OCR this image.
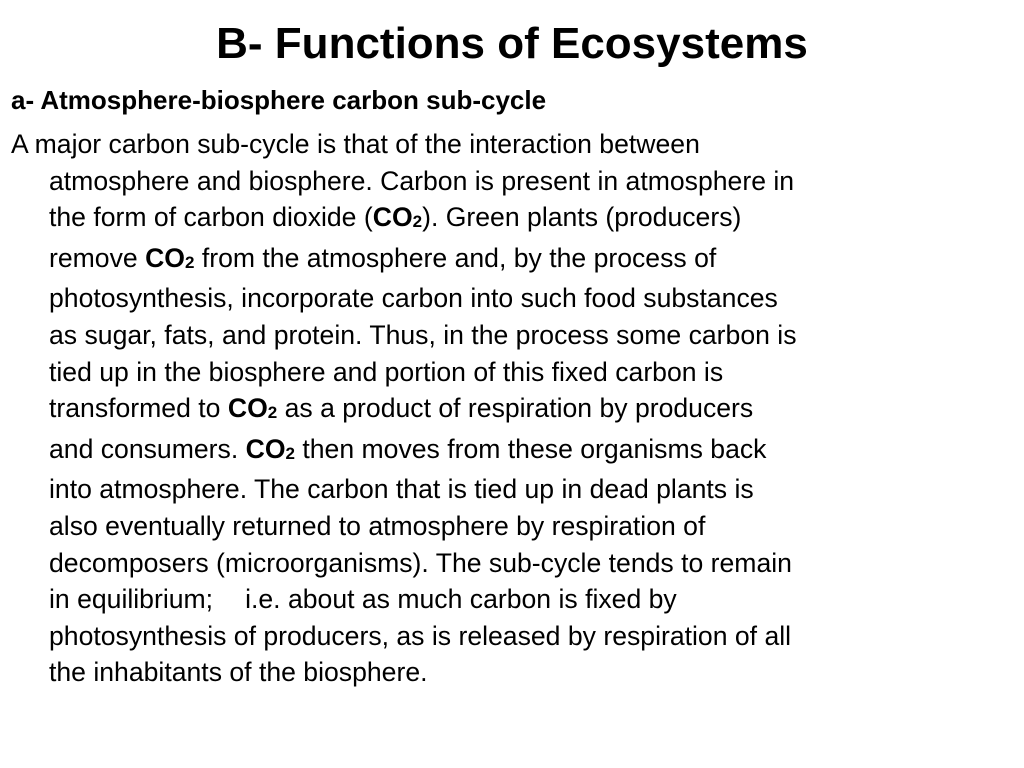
B- Functions of Ecosystems
a- Atmosphere-biosphere carbon sub-cycle

A major carbon sub-cycle is that of the interaction between
atmosphere and biosphere. Carbon is present in atmosphere in
the form of carbon dioxide $(CO_2)$. Green plants (producers)
remove $CO_2$ from the atmosphere and, by the process of
photosynthesis, incorporate carbon into such food substances
as sugar, fats, and protein. Thus, in the process some carbon is
tied up in the biosphere and portion of this fixed carbon is
transformed to $CO_2$ as a product of respiration by producers
and consumers. $CO_2$ then moves from these organisms back
into atmosphere. The carbon that is tied up in dead plants is
also eventually returned to atmosphere by respiration of
decomposers (microorganisms). The sub-cycle tends to remain
in equilibrium; i.e. about as much carbon is fixed by
photosynthesis of producers, as is released by respiration of all
the inhabitants of the biosphere.
